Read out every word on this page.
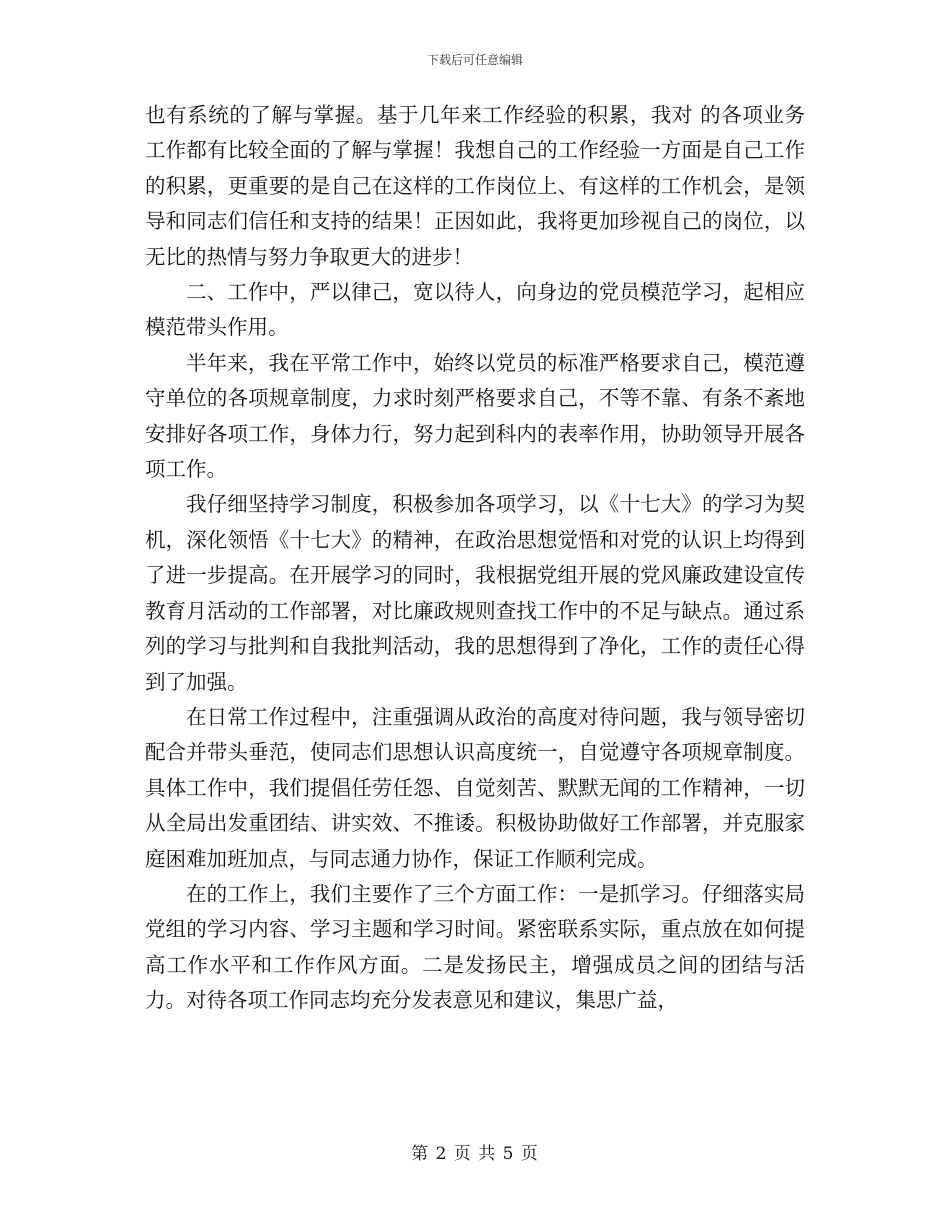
下载后可任意编辑

也有系统的了解与掌握。基于几年来工作经验的积累，我对 的各项业务工作都有比较全面的了解与掌握！我想自己的工作经验一方面是自己工作的积累，更重要的是自己在这样的工作岗位上、有这样的工作机会，是领导和同志们信任和支持的结果！正因如此，我将更加珍视自己的岗位，以无比的热情与努力争取更大的进步！

二、工作中，严以律己，宽以待人，向身边的党员模范学习，起相应模范带头作用。

半年来，我在平常工作中，始终以党员的标准严格要求自己，模范遵守单位的各项规章制度，力求时刻严格要求自己，不等不靠、有条不紊地安排好各项工作，身体力行，努力起到科内的表率作用，协助领导开展各项工作。

我仔细坚持学习制度，积极参加各项学习，以《十七大》的学习为契机，深化领悟《十七大》的精神，在政治思想觉悟和对党的认识上均得到了进一步提高。在开展学习的同时，我根据党组开展的党风廉政建设宣传教育月活动的工作部署，对比廉政规则查找工作中的不足与缺点。通过系列的学习与批判和自我批判活动，我的思想得到了净化，工作的责任心得到了加强。

在日常工作过程中，注重强调从政治的高度对待问题，我与领导密切配合并带头垂范，使同志们思想认识高度统一，自觉遵守各项规章制度。具体工作中，我们提倡任劳任怨、自觉刻苦、默默无闻的工作精神，一切从全局出发重团结、讲实效、不推诿。积极协助做好工作部署，并克服家庭困难加班加点，与同志通力协作，保证工作顺利完成。

在的工作上，我们主要作了三个方面工作：一是抓学习。仔细落实局党组的学习内容、学习主题和学习时间。紧密联系实际，重点放在如何提高工作水平和工作作风方面。二是发扬民主，增强成员之间的团结与活力。对待各项工作同志均充分发表意见和建议，集思广益，

第 2 页 共 5 页
